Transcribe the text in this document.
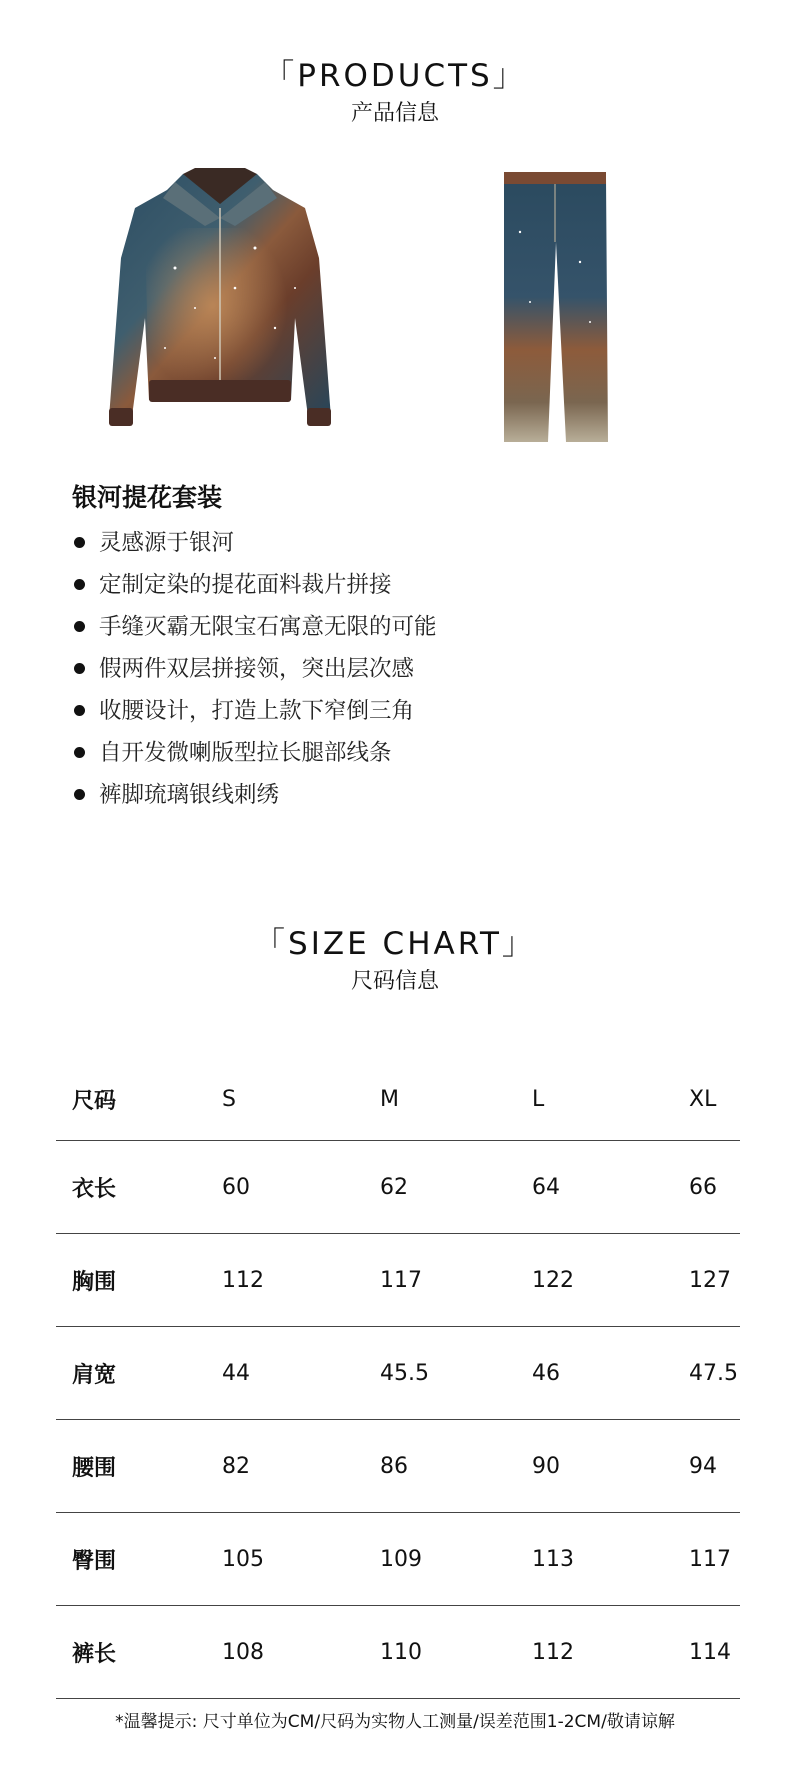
「PRODUCTS」
产品信息
银河提花套装
灵感源于银河
定制定染的提花面料裁片拼接
手缝灭霸无限宝石寓意无限的可能
假两件双层拼接领，突出层次感
收腰设计，打造上款下窄倒三角
自开发微喇版型拉长腿部线条
裤脚琉璃银线刺绣
「SIZE CHART」
尺码信息
尺码	S	M	L	XL
衣长	60	62	64	66
胸围	112	117	122	127
肩宽	44	45.5	46	47.5
腰围	82	86	90	94
臀围	105	109	113	117
裤长	108	110	112	114
*温馨提示: 尺寸单位为CM/尺码为实物人工测量/误差范围1-2CM/敬请谅解
